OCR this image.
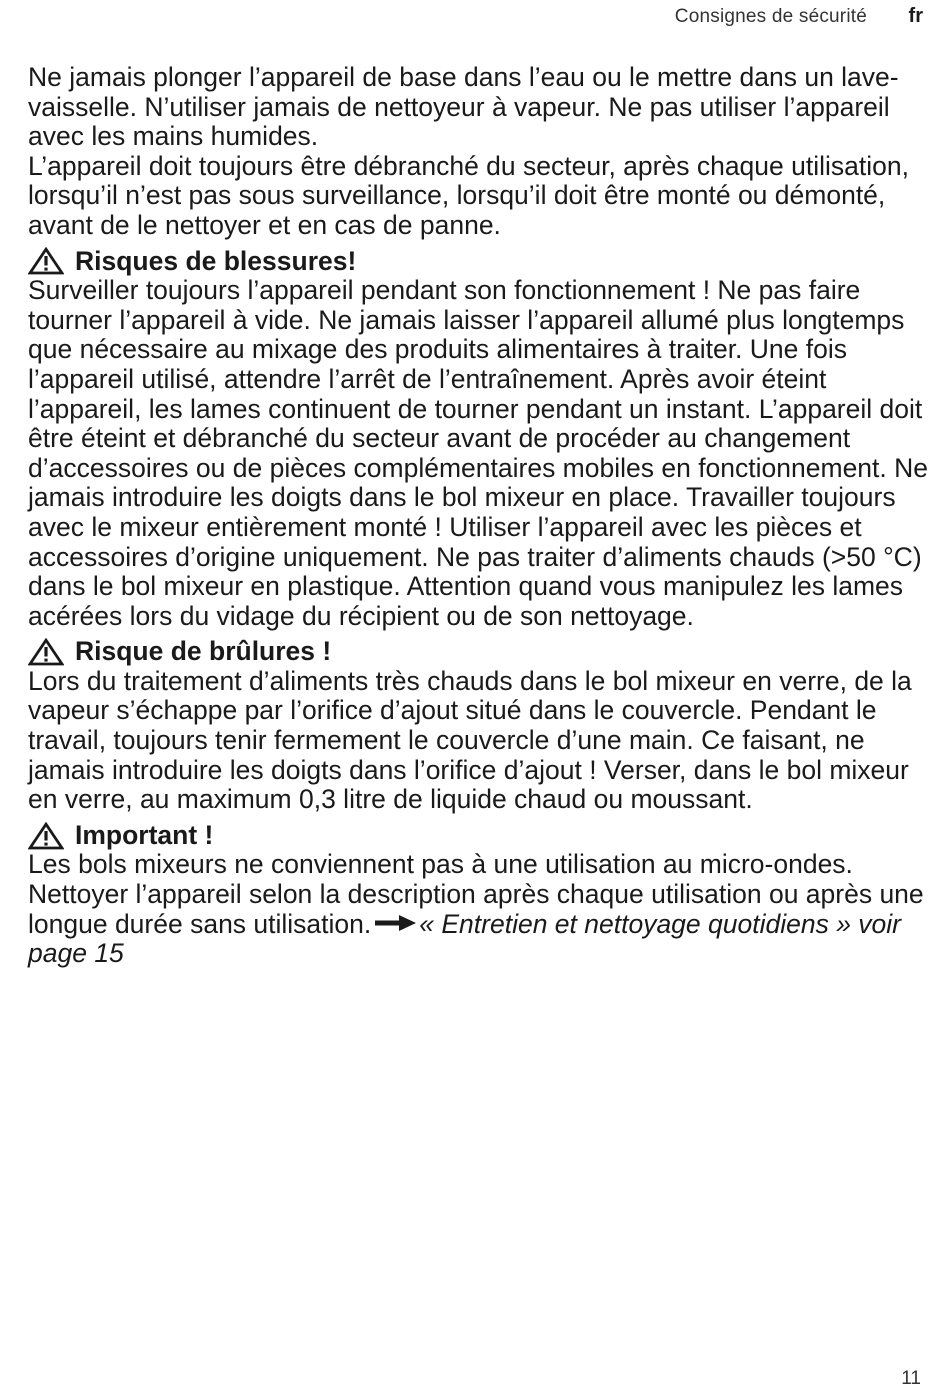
Consignes de sécurité fr

Ne jamais plonger l’appareil de base dans l’eau ou le mettre dans un lave-vaisselle. N’utiliser jamais de nettoyeur à vapeur. Ne pas utiliser l’appareil avec les mains humides.

L’appareil doit toujours être débranché du secteur, après chaque utilisation, lorsqu’il n’est pas sous surveillance, lorsqu’il doit être monté ou démonté, avant de le nettoyer et en cas de panne.

Risques de blessures!

Surveiller toujours l’appareil pendant son fonctionnement ! Ne pas faire tourner l’appareil à vide. Ne jamais laisser l’appareil allumé plus longtemps que nécessaire au mixage des produits alimentaires à traiter. Une fois l’appareil utilisé, attendre l’arrêt de l’entraînement. Après avoir éteint l’appareil, les lames continuent de tourner pendant un instant. L’appareil doit être éteint et débranché du secteur avant de procéder au changement d’accessoires ou de pièces complémentaires mobiles en fonctionnement. Ne jamais introduire les doigts dans le bol mixeur en place. Travailler toujours avec le mixeur entièrement monté ! Utiliser l’appareil avec les pièces et accessoires d’origine uniquement. Ne pas traiter d’aliments chauds (>50 °C) dans le bol mixeur en plastique. Attention quand vous manipulez les lames acérées lors du vidage du récipient ou de son nettoyage.

Risque de brûlures !

Lors du traitement d’aliments très chauds dans le bol mixeur en verre, de la vapeur s’échappe par l’orifice d’ajout situé dans le couvercle. Pendant le travail, toujours tenir fermement le couvercle d’une main. Ce faisant, ne jamais introduire les doigts dans l’orifice d’ajout ! Verser, dans le bol mixeur en verre, au maximum 0,3 litre de liquide chaud ou moussant.

Important !

Les bols mixeurs ne conviennent pas à une utilisation au micro-ondes.

Nettoyer l’appareil selon la description après chaque utilisation ou après une longue durée sans utilisation. « Entretien et nettoyage quotidiens » voir page 15

11
